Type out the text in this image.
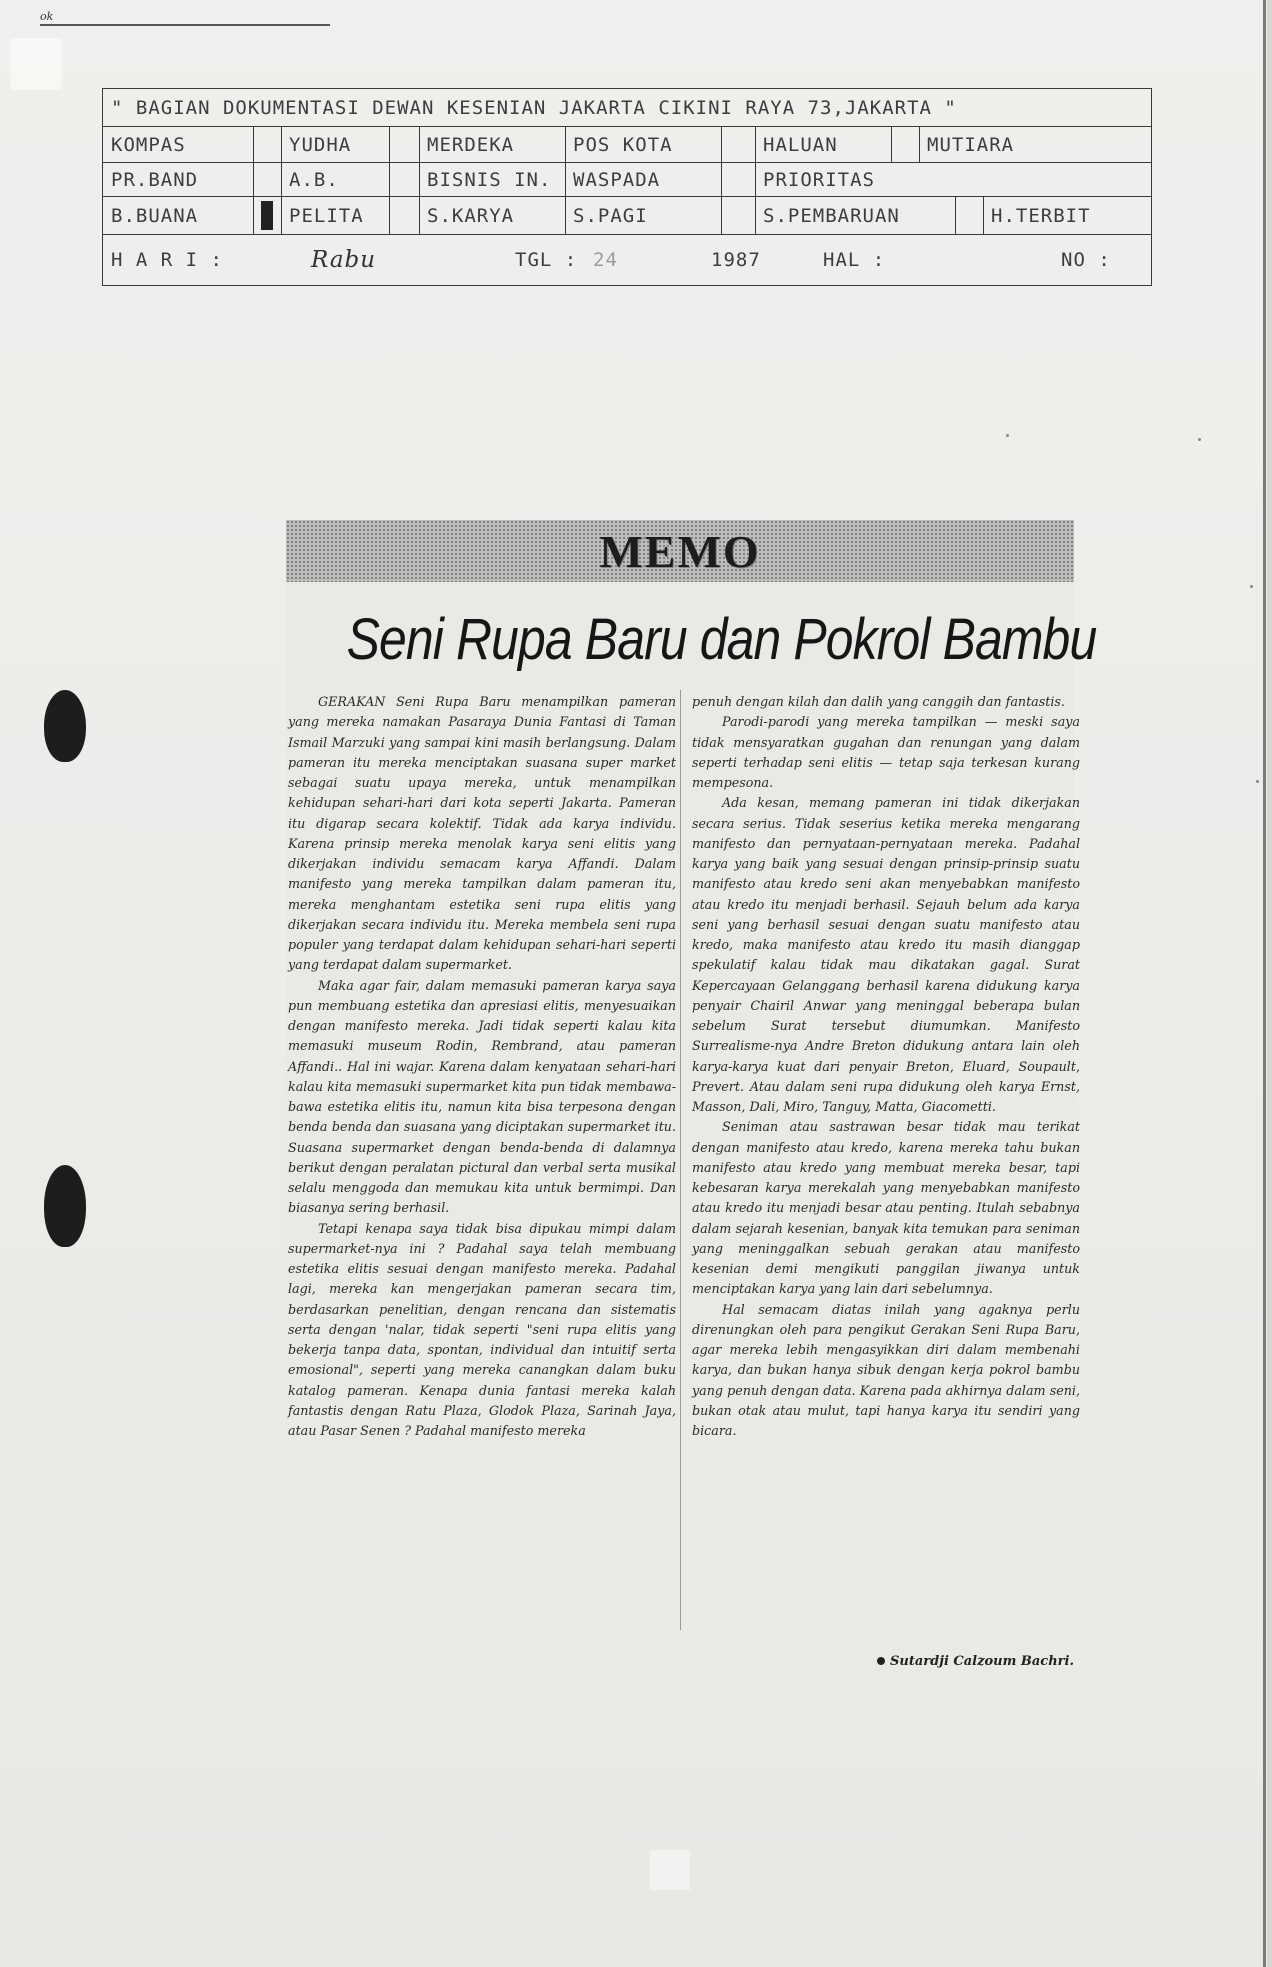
ok
" BAGIAN DOKUMENTASI DEWAN KESENIAN JAKARTA CIKINI RAYA 73,JAKARTA "
KOMPAS	YUDHA	MERDEKA	POS KOTA	HALUAN	MUTIARA
PR.BAND	A.B.	BISNIS IN.	WASPADA	PRIORITAS
B.BUANA	PELITA	S.KARYA	S.PAGI	S.PEMBARUAN	H.TERBIT
H A R I :	Rabu	TGL : 24	1987	HAL :	NO :
MEMO
Seni Rupa Baru dan Pokrol Bambu

GERAKAN Seni Rupa Baru menampilkan pameran yang mereka namakan Pasaraya Dunia Fantasi di Taman Ismail Marzuki yang sampai kini masih berlangsung. Dalam pameran itu mereka menciptakan suasana super market sebagai suatu upaya mereka, untuk menampilkan kehidupan sehari-hari dari kota seperti Jakarta. Pameran itu digarap secara kolektif. Tidak ada karya individu. Karena prinsip mereka menolak karya seni elitis yang dikerjakan individu semacam karya Affandi. Dalam manifesto yang mereka tampilkan dalam pameran itu, mereka menghantam estetika seni rupa elitis yang dikerjakan secara individu itu. Mereka membela seni rupa populer yang terdapat dalam kehidupan sehari-hari seperti yang terdapat dalam supermarket.

Maka agar fair, dalam memasuki pameran karya saya pun membuang estetika dan apresiasi elitis, menyesuaikan dengan manifesto mereka. Jadi tidak seperti kalau kita memasuki museum Rodin, Rembrand, atau pameran Affandi.. Hal ini wajar. Karena dalam kenyataan sehari-hari kalau kita memasuki supermarket kita pun tidak membawa-bawa estetika elitis itu, namun kita bisa terpesona dengan benda benda dan suasana yang diciptakan supermarket itu. Suasana supermarket dengan benda-benda di dalamnya berikut dengan peralatan pictural dan verbal serta musikal selalu menggoda dan memukau kita untuk bermimpi. Dan biasanya sering berhasil.

Tetapi kenapa saya tidak bisa dipukau mimpi dalam supermarket-nya ini ? Padahal saya telah membuang estetika elitis sesuai dengan manifesto mereka. Padahal lagi, mereka kan mengerjakan pameran secara tim, berdasarkan penelitian, dengan rencana dan sistematis serta dengan 'nalar, tidak seperti "seni rupa elitis yang bekerja tanpa data, spontan, individual dan intuitif serta emosional", seperti yang mereka canangkan dalam buku katalog pameran. Kenapa dunia fantasi mereka kalah fantastis dengan Ratu Plaza, Glodok Plaza, Sarinah Jaya, atau Pasar Senen ? Padahal manifesto mereka

penuh dengan kilah dan dalih yang canggih dan fantastis.

Parodi-parodi yang mereka tampilkan — meski saya tidak mensyaratkan gugahan dan renungan yang dalam seperti terhadap seni elitis — tetap saja terkesan kurang mempesona.

Ada kesan, memang pameran ini tidak dikerjakan secara serius. Tidak seserius ketika mereka mengarang manifesto dan pernyataan-pernyataan mereka. Padahal karya yang baik yang sesuai dengan prinsip-prinsip suatu manifesto atau kredo seni akan menyebabkan manifesto atau kredo itu menjadi berhasil. Sejauh belum ada karya seni yang berhasil sesuai dengan suatu manifesto atau kredo, maka manifesto atau kredo itu masih dianggap spekulatif kalau tidak mau dikatakan gagal. Surat Kepercayaan Gelanggang berhasil karena didukung karya penyair Chairil Anwar yang meninggal beberapa bulan sebelum Surat tersebut diumumkan. Manifesto Surrealisme-nya Andre Breton didukung antara lain oleh karya-karya kuat dari penyair Breton, Eluard, Soupault, Prevert. Atau dalam seni rupa didukung oleh karya Ernst, Masson, Dali, Miro, Tanguy, Matta, Giacometti.

Seniman atau sastrawan besar tidak mau terikat dengan manifesto atau kredo, karena mereka tahu bukan manifesto atau kredo yang membuat mereka besar, tapi kebesaran karya merekalah yang menyebabkan manifesto atau kredo itu menjadi besar atau penting. Itulah sebabnya dalam sejarah kesenian, banyak kita temukan para seniman yang meninggalkan sebuah gerakan atau manifesto kesenian demi mengikuti panggilan jiwanya untuk menciptakan karya yang lain dari sebelumnya.

Hal semacam diatas inilah yang agaknya perlu direnungkan oleh para pengikut Gerakan Seni Rupa Baru, agar mereka lebih mengasyikkan diri dalam membenahi karya, dan bukan hanya sibuk dengan kerja pokrol bambu yang penuh dengan data. Karena pada akhirnya dalam seni, bukan otak atau mulut, tapi hanya karya itu sendiri yang bicara.

Sutardji Calzoum Bachri.
